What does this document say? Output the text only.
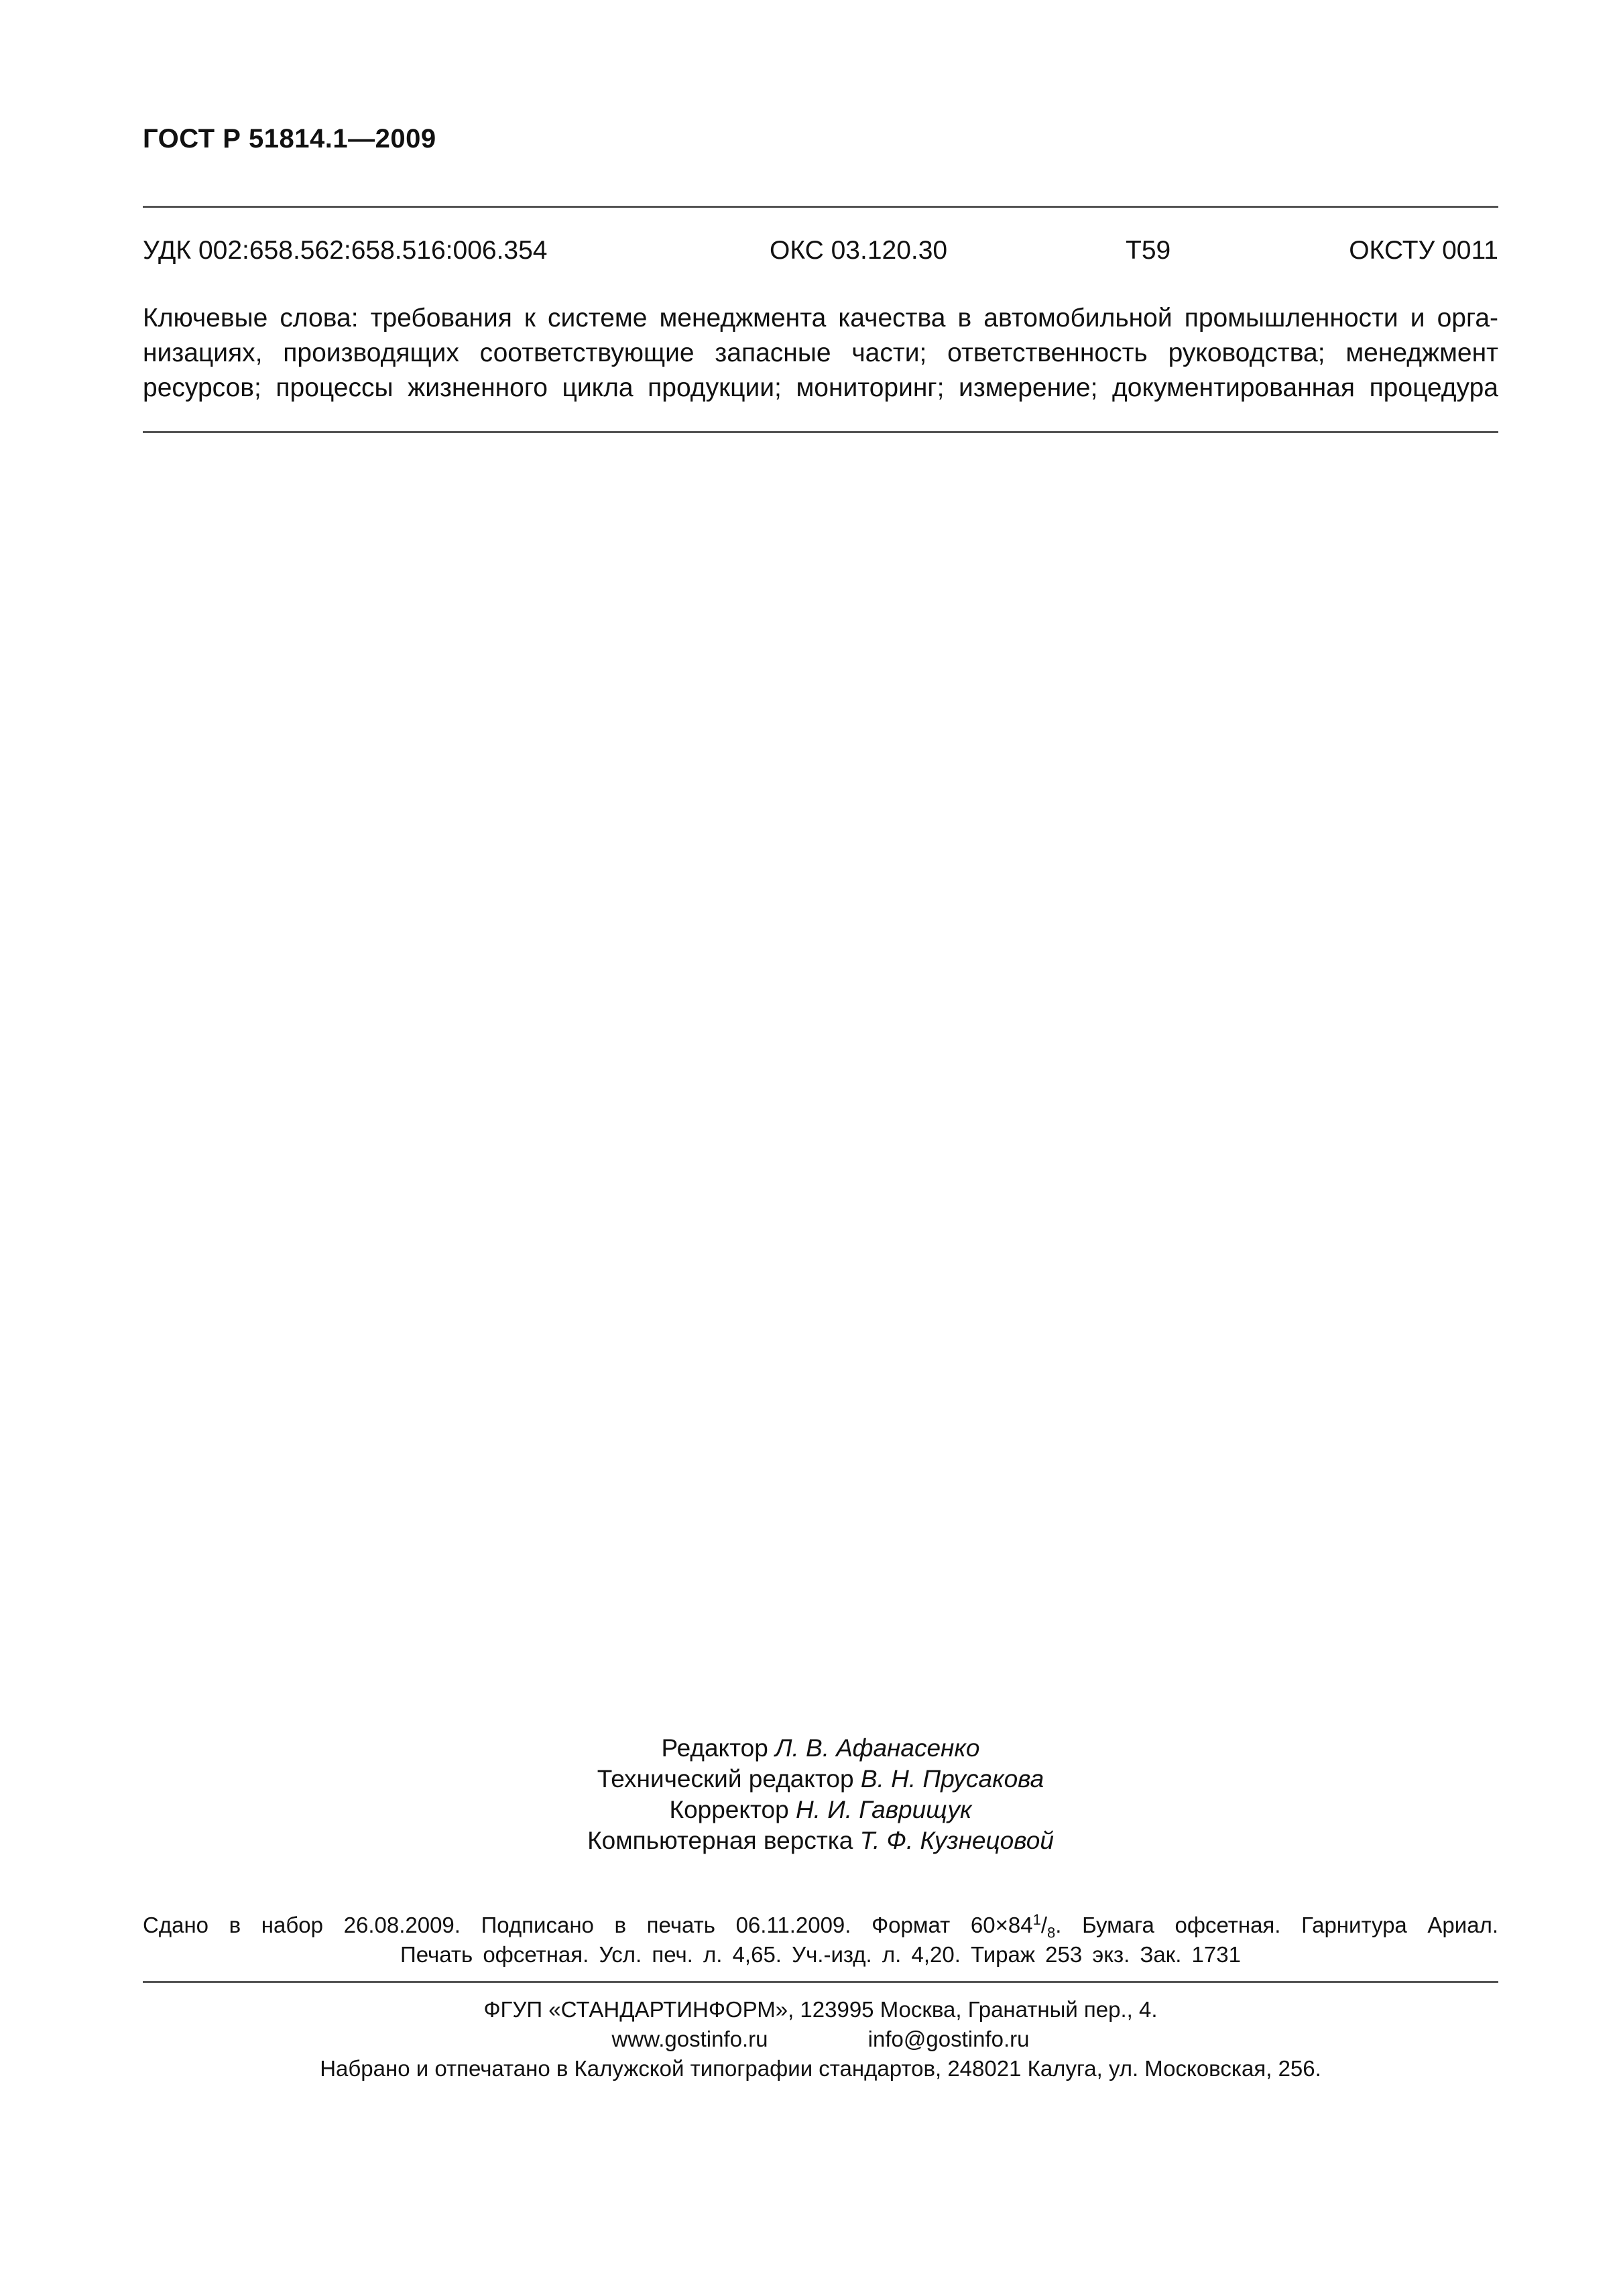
ГОСТ Р 51814.1—2009
УДК 002:658.562:658.516:006.354	ОКС 03.120.30	Т59	ОКСТУ 0011
Ключевые слова: требования к системе менеджмента качества в автомобильной промышленности и орга-
низациях, производящих соответствующие запасные части; ответственность руководства; менеджмент
ресурсов; процессы жизненного цикла продукции; мониторинг; измерение; документированная процедура
Редактор Л. В. Афанасенко
Технический редактор В. Н. Прусакова
Корректор Н. И. Гаврищук
Компьютерная верстка Т. Ф. Кузнецовой
Сдано в набор 26.08.2009. Подписано в печать 06.11.2009. Формат $60\times 84^1/_8$. Бумага офсетная. Гарнитура Ариал.
Печать офсетная. Усл. печ. л. 4,65. Уч.-изд. л. 4,20. Тираж 253 экз. Зак. 1731
ФГУП «СТАНДАРТИНФОРМ», 123995 Москва, Гранатный пер., 4.
www.gostinfo.ru	info@gostinfo.ru
Набрано и отпечатано в Калужской типографии стандартов, 248021 Калуга, ул. Московская, 256.
